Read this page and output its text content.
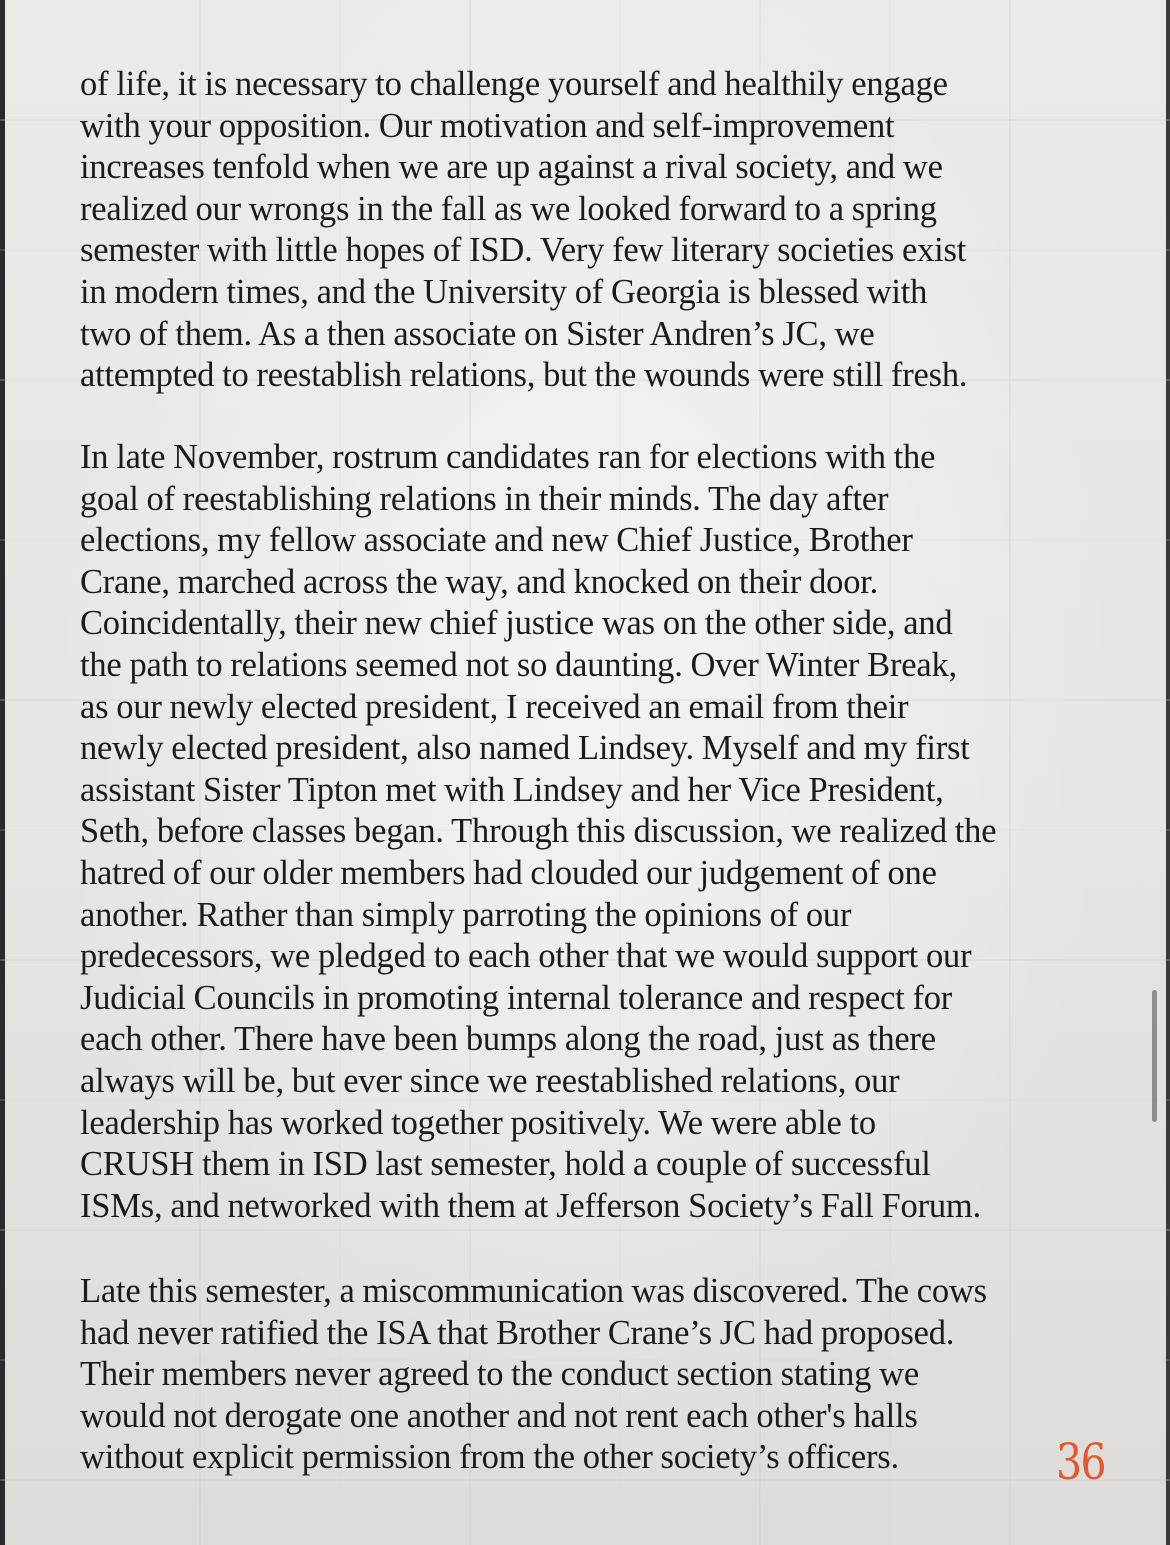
of life, it is necessary to challenge yourself and healthily engage
with your opposition. Our motivation and self-improvement
increases tenfold when we are up against a rival society, and we
realized our wrongs in the fall as we looked forward to a spring
semester with little hopes of ISD. Very few literary societies exist
in modern times, and the University of Georgia is blessed with
two of them. As a then associate on Sister Andren’s JC, we
attempted to reestablish relations, but the wounds were still fresh.

In late November, rostrum candidates ran for elections with the
goal of reestablishing relations in their minds. The day after
elections, my fellow associate and new Chief Justice, Brother
Crane, marched across the way, and knocked on their door.
Coincidentally, their new chief justice was on the other side, and
the path to relations seemed not so daunting. Over Winter Break,
as our newly elected president, I received an email from their
newly elected president, also named Lindsey. Myself and my first
assistant Sister Tipton met with Lindsey and her Vice President,
Seth, before classes began. Through this discussion, we realized the
hatred of our older members had clouded our judgement of one
another. Rather than simply parroting the opinions of our
predecessors, we pledged to each other that we would support our
Judicial Councils in promoting internal tolerance and respect for
each other. There have been bumps along the road, just as there
always will be, but ever since we reestablished relations, our
leadership has worked together positively. We were able to
CRUSH them in ISD last semester, hold a couple of successful
ISMs, and networked with them at Jefferson Society’s Fall Forum.

Late this semester, a miscommunication was discovered. The cows
had never ratified the ISA that Brother Crane’s JC had proposed.
Their members never agreed to the conduct section stating we
would not derogate one another and not rent each other's halls
without explicit permission from the other society’s officers.	36
